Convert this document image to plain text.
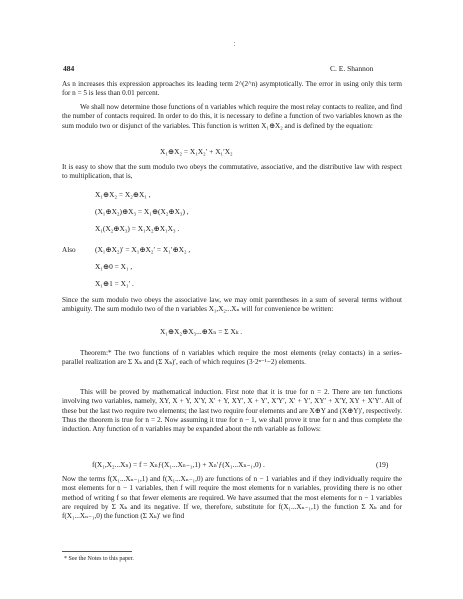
484	C. E. Shannon
As n increases this expression approaches its leading term 2^(2^n) asymptotically. The error in using only this term for n = 5 is less than 0.01 percent.
We shall now determine those functions of n variables which require the most relay contacts to realize, and find the number of contacts required. In order to do this, it is necessary to define a function of two variables known as the sum modulo two or disjunct of the variables. This function is written X₁⊕X₂ and is defined by the equation:
X₁⊕X₂ = X₁X₂′ + X₁′X₂
It is easy to show that the sum modulo two obeys the commutative, associative, and the distributive law with respect to multiplication, that is,
X₁⊕X₂ = X₂⊕X₁ ,
(X₁⊕X₂)⊕X₃ = X₁⊕(X₂⊕X₃) ,
X₁(X₂⊕X₃) = X₁X₂⊕X₁X₃ .
Also	(X₁⊕X₂)′ = X₁⊕X₂′ = X₁′⊕X₂ ,
X₁⊕0 = X₁ ,
X₁⊕1 = X₁′ .
Since the sum modulo two obeys the associative law, we may omit parentheses in a sum of several terms without ambiguity. The sum modulo two of the n variables X₁,X₂...Xₙ will for convenience be written:
X₁⊕X₂⊕X₃...⊕Xₙ = Σ Xₖ .
Theorem:* The two functions of n variables which require the most elements (relay contacts) in a series-parallel realization are Σ Xₖ and (Σ Xₖ)′, each of which requires (3·2ⁿ⁻¹−2) elements.
This will be proved by mathematical induction. First note that it is true for n = 2. There are ten functions involving two variables, namely, XY, X + Y, X′Y, X′ + Y, XY′, X + Y′, X′Y′, X′ + Y′, XY′ + X′Y, XY + X′Y′. All of these but the last two require two elements; the last two require four elements and are X⊕Y and (X⊕Y)′, respectively. Thus the theorem is true for n = 2. Now assuming it true for n − 1, we shall prove it true for n and thus complete the induction. Any function of n variables may be expanded about the nth variable as follows:
f(X₁,X₂...Xₙ) = f = Xₙƒ(X₁...Xₙ₋₁,1) + Xₙ′ƒ(X₁...Xₙ₋₁,0) .	(19)
Now the terms f(X₁...Xₙ₋₁,1) and f(X₁...Xₙ₋₁,0) are functions of n − 1 variables and if they individually require the most elements for n − 1 variables, then f will require the most elements for n variables, providing there is no other method of writing f so that fewer elements are required. We have assumed that the most elements for n − 1 variables are required by Σ Xₖ and its negative. If we, therefore, substitute for f(X₁...Xₙ₋₁,1) the function Σ Xₖ and for f(X₁...Xₙ₋₁,0) the function (Σ Xₖ)′ we find
* See the Notes to this paper.
